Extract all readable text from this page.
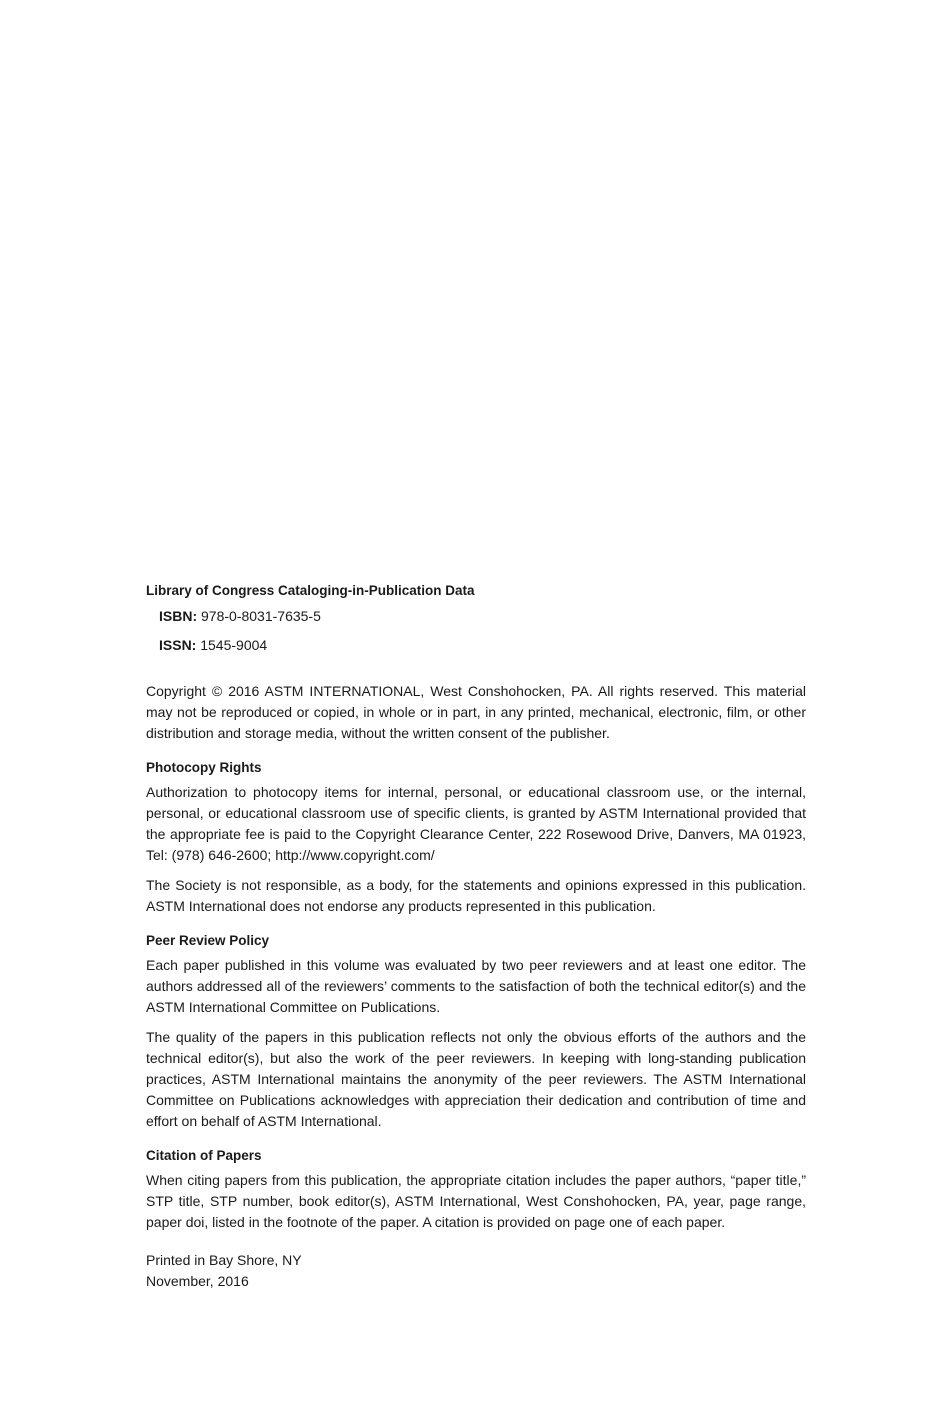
Library of Congress Cataloging-in-Publication Data
ISBN: 978-0-8031-7635-5
ISSN: 1545-9004

Copyright © 2016 ASTM INTERNATIONAL, West Conshohocken, PA. All rights reserved. This material may not be reproduced or copied, in whole or in part, in any printed, mechanical, electronic, film, or other distribution and storage media, without the written consent of the publisher.

Photocopy Rights

Authorization to photocopy items for internal, personal, or educational classroom use, or the internal, personal, or educational classroom use of specific clients, is granted by ASTM International provided that the appropriate fee is paid to the Copyright Clearance Center, 222 Rosewood Drive, Danvers, MA 01923, Tel: (978) 646-2600; http://www.copyright.com/

The Society is not responsible, as a body, for the statements and opinions expressed in this publication. ASTM International does not endorse any products represented in this publication.

Peer Review Policy

Each paper published in this volume was evaluated by two peer reviewers and at least one editor. The authors addressed all of the reviewers’ comments to the satisfaction of both the technical editor(s) and the ASTM International Committee on Publications.

The quality of the papers in this publication reflects not only the obvious efforts of the authors and the technical editor(s), but also the work of the peer reviewers. In keeping with long-standing publication practices, ASTM International maintains the anonymity of the peer reviewers. The ASTM International Committee on Publications acknowledges with appreciation their dedication and contribution of time and effort on behalf of ASTM International.

Citation of Papers

When citing papers from this publication, the appropriate citation includes the paper authors, “paper title,” STP title, STP number, book editor(s), ASTM International, West Conshohocken, PA, year, page range, paper doi, listed in the footnote of the paper. A citation is provided on page one of each paper.

Printed in Bay Shore, NY
November, 2016
